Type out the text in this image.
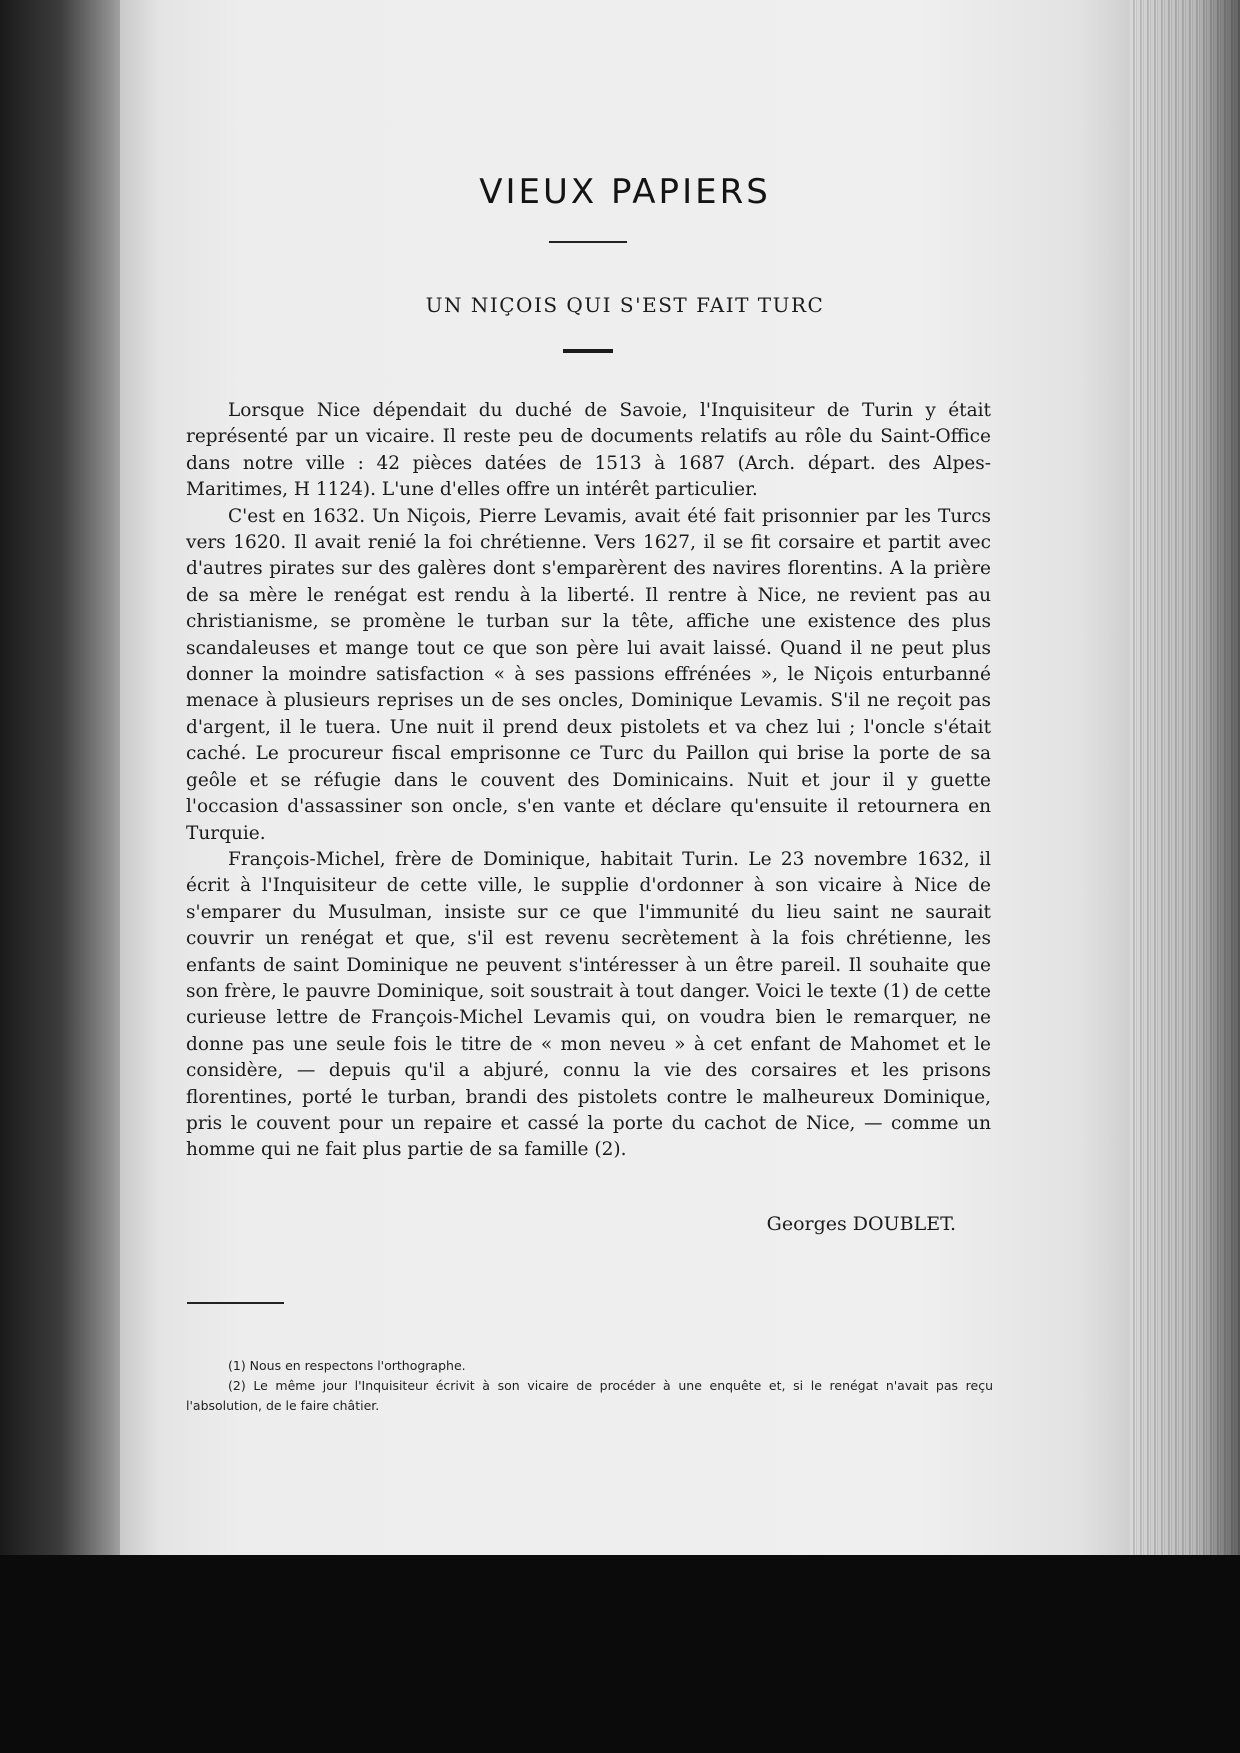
VIEUX PAPIERS
UN NIÇOIS QUI S'EST FAIT TURC

Lorsque Nice dépendait du duché de Savoie, l'Inquisiteur de Turin y était représenté par un vicaire. Il reste peu de documents relatifs au rôle du Saint-Office dans notre ville : 42 pièces datées de 1513 à 1687 (Arch. départ. des Alpes-Maritimes, H 1124). L'une d'elles offre un intérêt particulier.

C'est en 1632. Un Niçois, Pierre Levamis, avait été fait prisonnier par les Turcs vers 1620. Il avait renié la foi chrétienne. Vers 1627, il se fit corsaire et partit avec d'autres pirates sur des galères dont s'emparèrent des navires florentins. A la prière de sa mère le renégat est rendu à la liberté. Il rentre à Nice, ne revient pas au christianisme, se promène le turban sur la tête, affiche une existence des plus scandaleuses et mange tout ce que son père lui avait laissé. Quand il ne peut plus donner la moindre satisfaction « à ses passions effrénées », le Niçois enturbanné menace à plusieurs reprises un de ses oncles, Dominique Levamis. S'il ne reçoit pas d'argent, il le tuera. Une nuit il prend deux pistolets et va chez lui ; l'oncle s'était caché. Le procureur fiscal emprisonne ce Turc du Paillon qui brise la porte de sa geôle et se réfugie dans le couvent des Dominicains. Nuit et jour il y guette l'occasion d'assassiner son oncle, s'en vante et déclare qu'ensuite il retournera en Turquie.

François-Michel, frère de Dominique, habitait Turin. Le 23 novembre 1632, il écrit à l'Inquisiteur de cette ville, le supplie d'ordonner à son vicaire à Nice de s'emparer du Musulman, insiste sur ce que l'immunité du lieu saint ne saurait couvrir un renégat et que, s'il est revenu secrètement à la fois chrétienne, les enfants de saint Dominique ne peuvent s'intéresser à un être pareil. Il souhaite que son frère, le pauvre Dominique, soit soustrait à tout danger. Voici le texte (1) de cette curieuse lettre de François-Michel Levamis qui, on voudra bien le remarquer, ne donne pas une seule fois le titre de « mon neveu » à cet enfant de Mahomet et le considère, — depuis qu'il a abjuré, connu la vie des corsaires et les prisons florentines, porté le turban, brandi des pistolets contre le malheureux Dominique, pris le couvent pour un repaire et cassé la porte du cachot de Nice, — comme un homme qui ne fait plus partie de sa famille (2).

Georges DOUBLET.

(1) Nous en respectons l'orthographe.

(2) Le même jour l'Inquisiteur écrivit à son vicaire de procéder à une enquête et, si le renégat n'avait pas reçu l'absolution, de le faire châtier.
